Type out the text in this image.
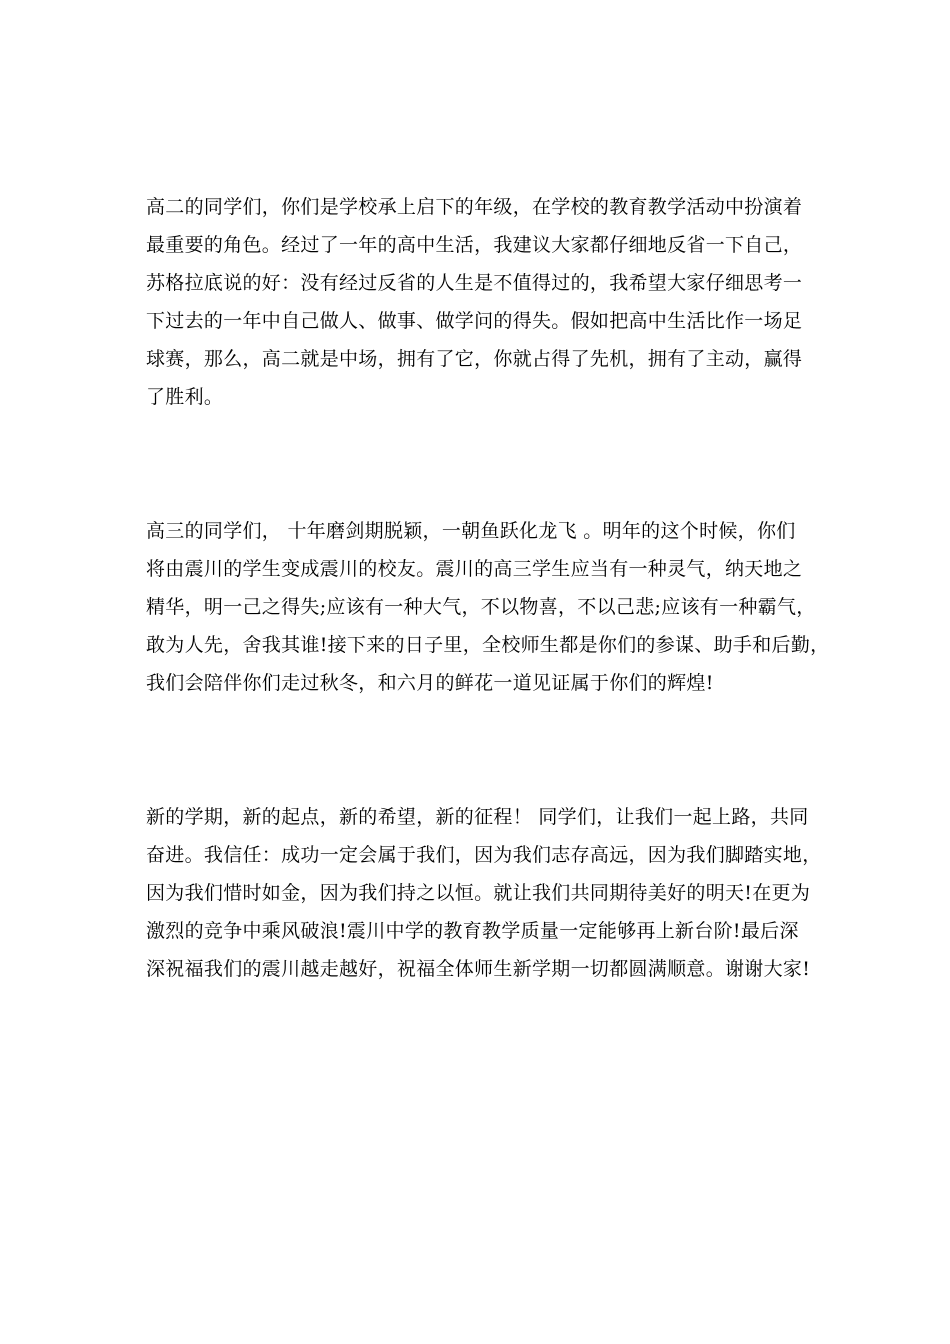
高二的同学们，你们是学校承上启下的年级，在学校的教育教学活动中扮演着
最重要的角色。经过了一年的高中生活，我建议大家都仔细地反省一下自己，
苏格拉底说的好：没有经过反省的人生是不值得过的，我希望大家仔细思考一
下过去的一年中自己做人、做事、做学问的得失。假如把高中生活比作一场足
球赛，那么，高二就是中场，拥有了它，你就占得了先机，拥有了主动，赢得
了胜利。
高三的同学们， 十年磨剑期脱颖，一朝鱼跃化龙飞 。明年的这个时候，你们
将由震川的学生变成震川的校友。震川的高三学生应当有一种灵气，纳天地之
精华，明一己之得失;应该有一种大气，不以物喜，不以己悲;应该有一种霸气，
敢为人先，舍我其谁!接下来的日子里，全校师生都是你们的参谋、助手和后勤，
我们会陪伴你们走过秋冬，和六月的鲜花一道见证属于你们的辉煌!
新的学期，新的起点，新的希望，新的征程！ 同学们，让我们一起上路，共同
奋进。我信任：成功一定会属于我们，因为我们志存高远，因为我们脚踏实地，
因为我们惜时如金，因为我们持之以恒。就让我们共同期待美好的明天!在更为
激烈的竞争中乘风破浪!震川中学的教育教学质量一定能够再上新台阶!最后深
深祝福我们的震川越走越好，祝福全体师生新学期一切都圆满顺意。谢谢大家!
